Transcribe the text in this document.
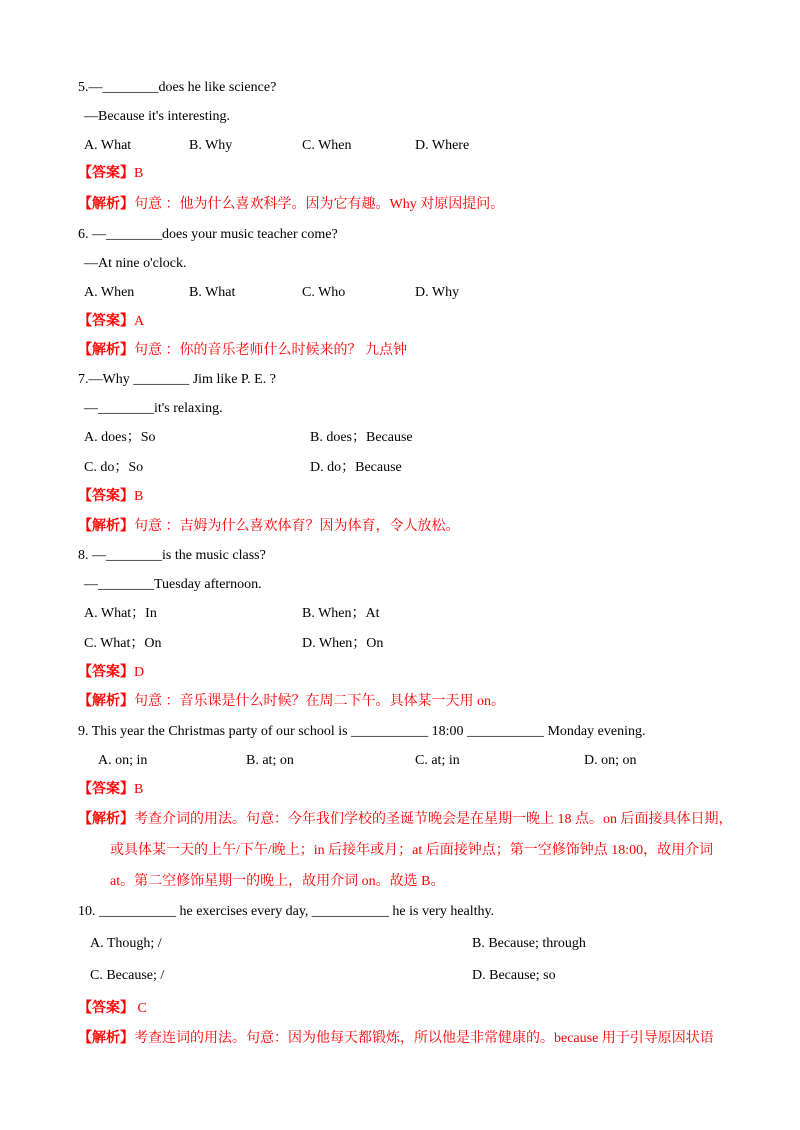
5.—________does he like science?
—Because it's interesting.
A. What	B. Why	C. When	D. Where
【答案】B
【解析】句意 ：他为什么喜欢科学。因为它有趣。Why 对原因提问。
6. —________does your music teacher come?
—At nine o'clock.
A. When	B. What	C. Who	D. Why
【答案】A
【解析】句意 ：你的音乐老师什么时候来的？ 九点钟
7.—Why ________ Jim like P. E. ?
—________it's relaxing.
A. does；So	B. does；Because
C. do；So	D. do；Because
【答案】B
【解析】句意 ：吉姆为什么喜欢体育？因为体育，令人放松。
8. —________is the music class?
—________Tuesday afternoon.
A. What；In	B. When；At
C. What；On	D. When；On
【答案】D
【解析】句意 ：音乐课是什么时候？在周二下午。具体某一天用 on。
9. This year the Christmas party of our school is ___________ 18:00 ___________ Monday evening.
A. on; in	B. at; on	C. at; in	D. on; on
【答案】B
【解析】考查介词的用法。句意：今年我们学校的圣诞节晚会是在星期一晚上 18 点。on 后面接具体日期，
或具体某一天的上午/下午/晚上；in 后接年或月；at 后面接钟点；第一空修饰钟点 18:00，故用介词
at。第二空修饰星期一的晚上，故用介词 on。故选 B。
10. ___________ he exercises every day, ___________ he is very healthy.
A. Though; /	B. Because; through
C. Because; /	D. Because; so
【答案】 C
【解析】考查连词的用法。句意：因为他每天都锻炼，所以他是非常健康的。because 用于引导原因状语
